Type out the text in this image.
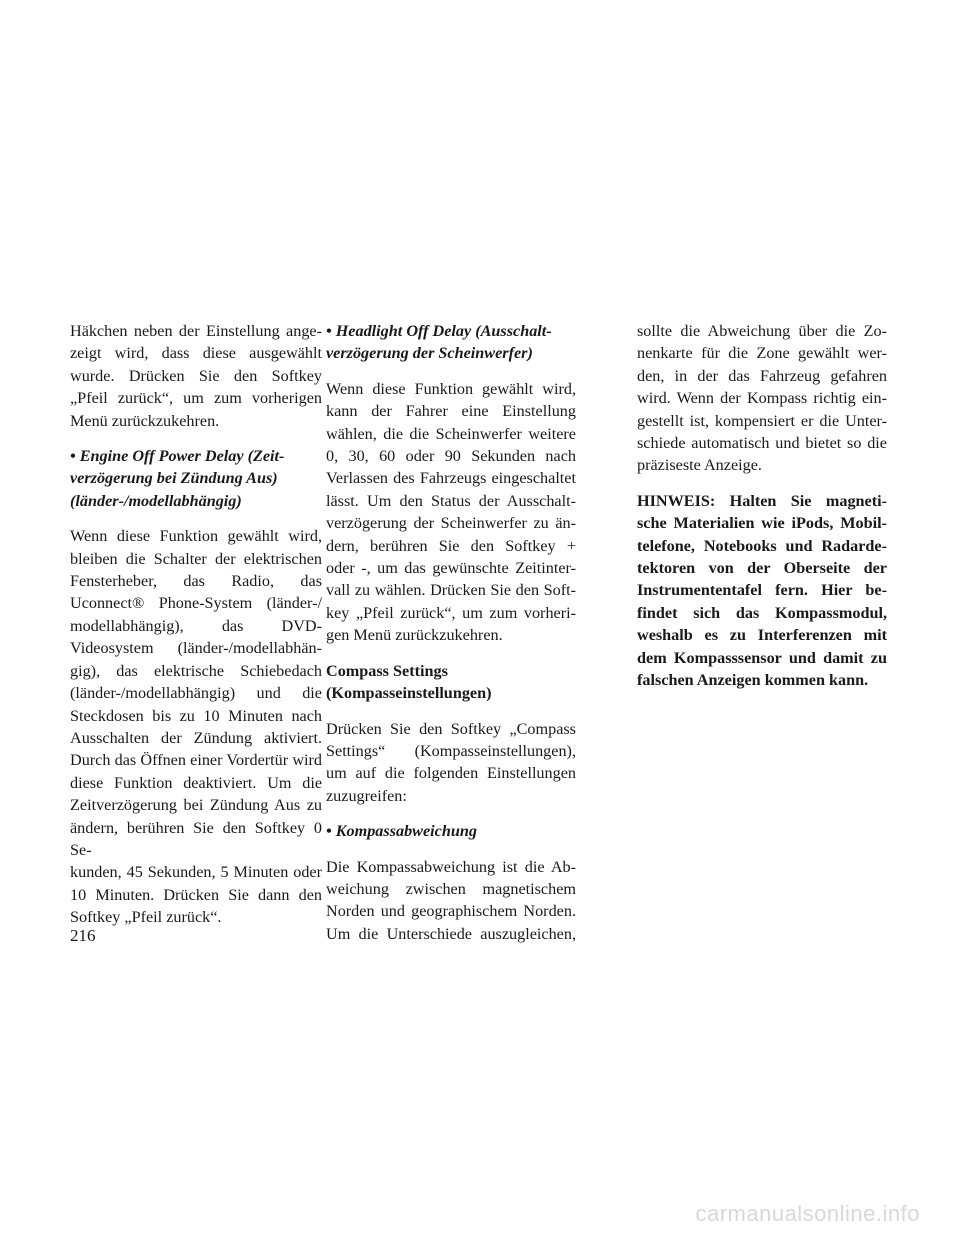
Häkchen neben der Einstellung ange-
zeigt wird, dass diese ausgewählt
wurde. Drücken Sie den Softkey
„Pfeil zurück“, um zum vorherigen
Menü zurückzukehren.

• Engine Off Power Delay (Zeit-
verzögerung bei Zündung Aus)
(länder-/modellabhängig)

Wenn diese Funktion gewählt wird,
bleiben die Schalter der elektrischen
Fensterheber, das Radio, das
Uconnect® Phone-System (länder-/
modellabhängig), das DVD-
Videosystem (länder-/modellabhän-
gig), das elektrische Schiebedach
(länder-/modellabhängig) und die
Steckdosen bis zu 10 Minuten nach
Ausschalten der Zündung aktiviert.
Durch das Öffnen einer Vordertür wird
diese Funktion deaktiviert. Um die
Zeitverzögerung bei Zündung Aus zu
ändern, berühren Sie den Softkey 0 Se-
kunden, 45 Sekunden, 5 Minuten oder
10 Minuten. Drücken Sie dann den
Softkey „Pfeil zurück“.

• Headlight Off Delay (Ausschalt-
verzögerung der Scheinwerfer)

Wenn diese Funktion gewählt wird,
kann der Fahrer eine Einstellung
wählen, die die Scheinwerfer weitere
0, 30, 60 oder 90 Sekunden nach
Verlassen des Fahrzeugs eingeschaltet
lässt. Um den Status der Ausschalt-
verzögerung der Scheinwerfer zu än-
dern, berühren Sie den Softkey +
oder -, um das gewünschte Zeitinter-
vall zu wählen. Drücken Sie den Soft-
key „Pfeil zurück“, um zum vorheri-
gen Menü zurückzukehren.

Compass Settings
(Kompasseinstellungen)

Drücken Sie den Softkey „Compass
Settings“ (Kompasseinstellungen),
um auf die folgenden Einstellungen
zuzugreifen:

• Kompassabweichung

Die Kompassabweichung ist die Ab-
weichung zwischen magnetischem
Norden und geographischem Norden.
Um die Unterschiede auszugleichen,

sollte die Abweichung über die Zo-
nenkarte für die Zone gewählt wer-
den, in der das Fahrzeug gefahren
wird. Wenn der Kompass richtig ein-
gestellt ist, kompensiert er die Unter-
schiede automatisch und bietet so die
präziseste Anzeige.

HINWEIS: Halten Sie magneti-
sche Materialien wie iPods, Mobil-
telefone, Notebooks und Radarde-
tektoren von der Oberseite der
Instrumententafel fern. Hier be-
findet sich das Kompassmodul,
weshalb es zu Interferenzen mit
dem Kompasssensor und damit zu
falschen Anzeigen kommen kann.

216
carmanualsonline.info
